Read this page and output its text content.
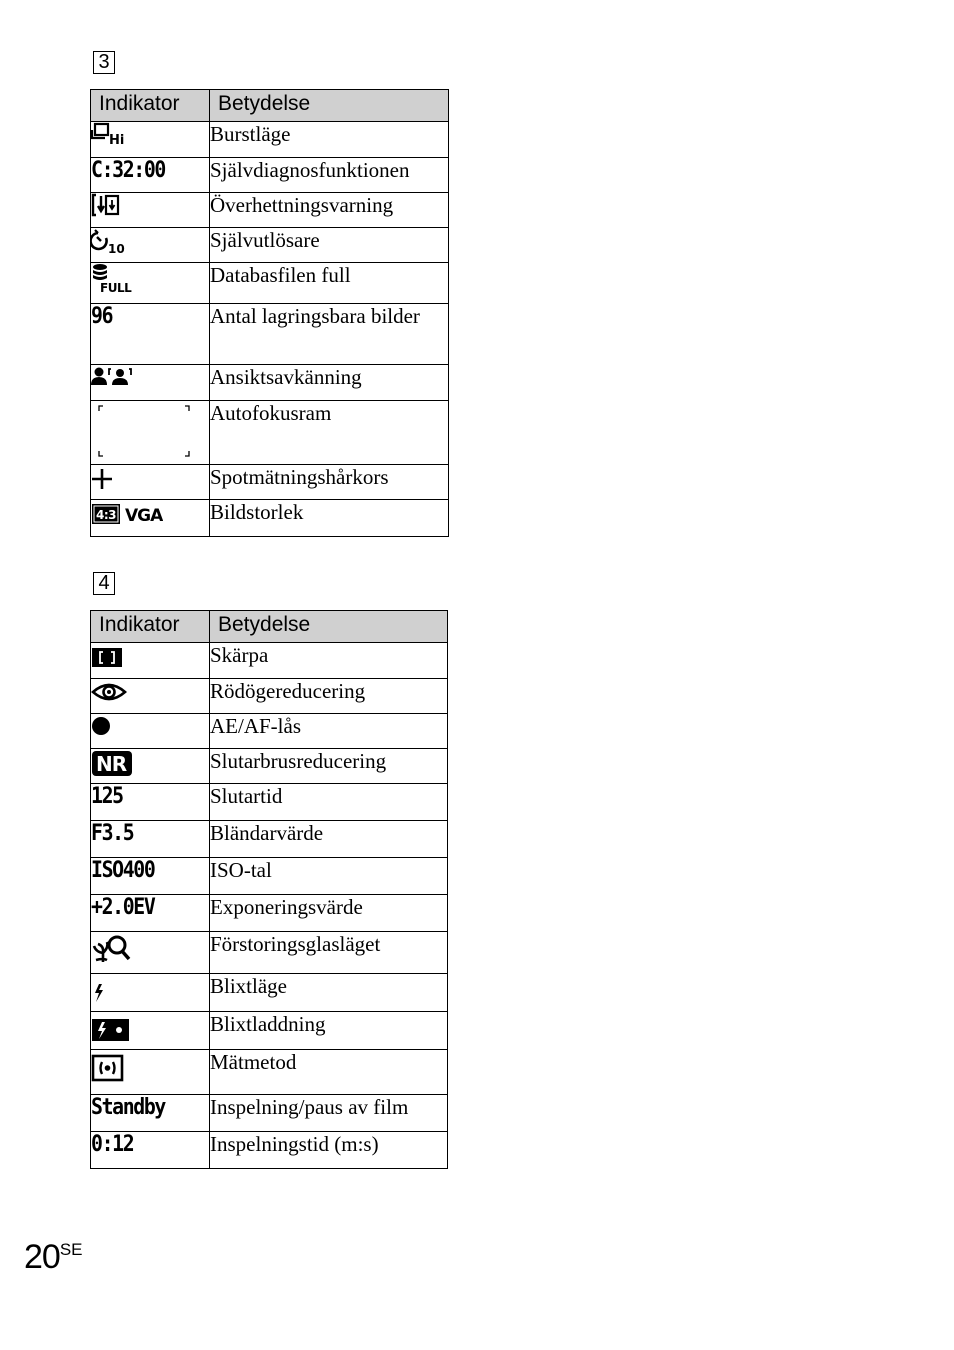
3
Indikator	Betydelse

Hi	Burstläge
C:32:00	Självdiagnosfunktionen

	Överhettningsvarning

10	Självutlösare

FULL	Databasfilen full
96	Antal lagringsbara bilder

	Ansiktsavkänning

	Autofokusram

	Spotmätningshårkors

4:3 VGA	Bildstorlek
4
Indikator	Betydelse

	Skärpa

	Rödögereducering

	AE/AF-lås

NR	Slutarbrusreducering
125	Slutartid
F3.5	Bländarvärde
ISO400	ISO-tal
+2.0EV	Exponeringsvärde

	Förstoringsglasläget

	Blixtläge

	Blixtladdning

	Mätmetod
Standby	Inspelning/paus av film
0:12	Inspelningstid (m:s)
$20^{SE}$
